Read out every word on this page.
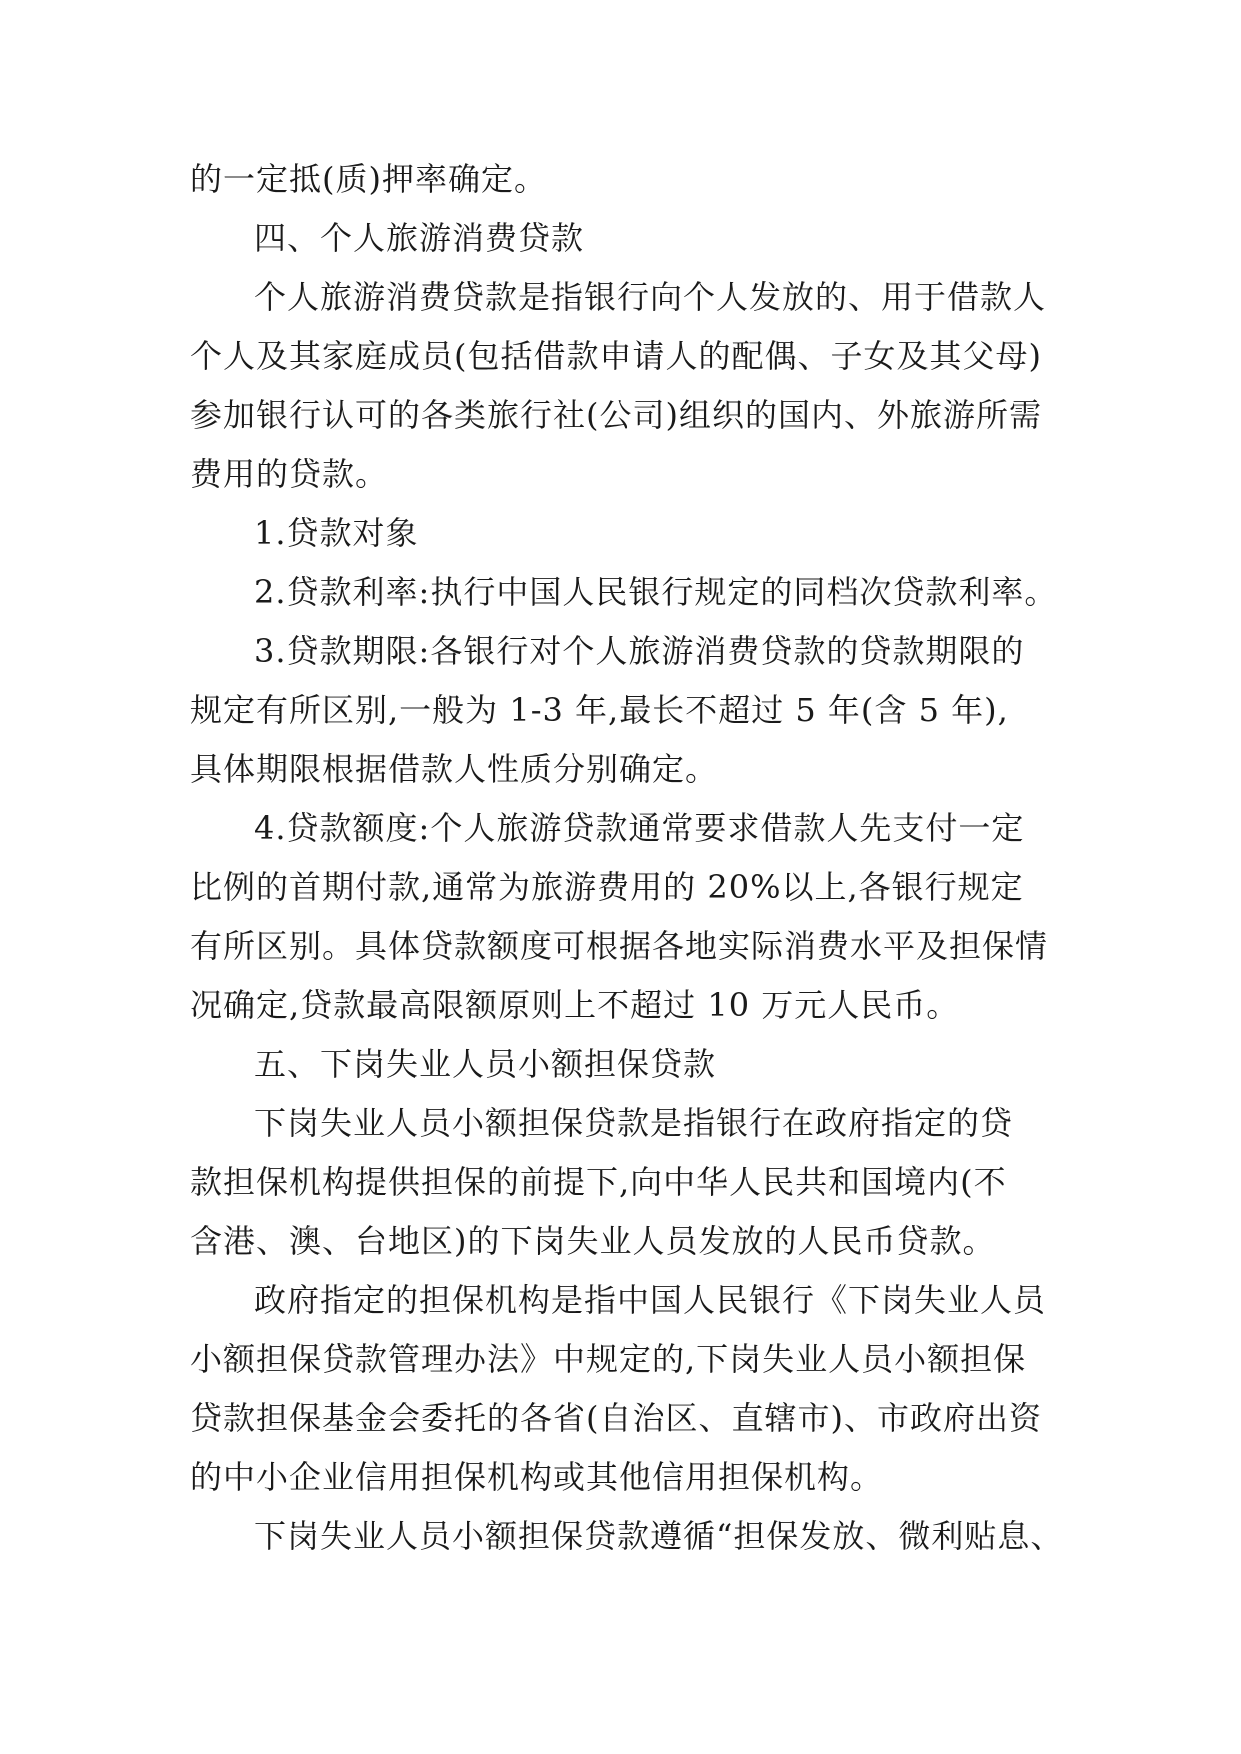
的一定抵(质)押率确定。
四、个人旅游消费贷款
个人旅游消费贷款是指银行向个人发放的、用于借款人
个人及其家庭成员(包括借款申请人的配偶、子女及其父母)
参加银行认可的各类旅行社(公司)组织的国内、外旅游所需
费用的贷款。
1.贷款对象
2.贷款利率:执行中国人民银行规定的同档次贷款利率。
3.贷款期限:各银行对个人旅游消费贷款的贷款期限的
规定有所区别,一般为 1-3 年,最长不超过 5 年(含 5 年),
具体期限根据借款人性质分别确定。
4.贷款额度:个人旅游贷款通常要求借款人先支付一定
比例的首期付款,通常为旅游费用的 20%以上,各银行规定
有所区别。具体贷款额度可根据各地实际消费水平及担保情
况确定,贷款最高限额原则上不超过 10 万元人民币。
五、下岗失业人员小额担保贷款
下岗失业人员小额担保贷款是指银行在政府指定的贷
款担保机构提供担保的前提下,向中华人民共和国境内(不
含港、澳、台地区)的下岗失业人员发放的人民币贷款。
政府指定的担保机构是指中国人民银行《下岗失业人员
小额担保贷款管理办法》中规定的,下岗失业人员小额担保
贷款担保基金会委托的各省(自治区、直辖市)、市政府出资
的中小企业信用担保机构或其他信用担保机构。
下岗失业人员小额担保贷款遵循“担保发放、微利贴息、
